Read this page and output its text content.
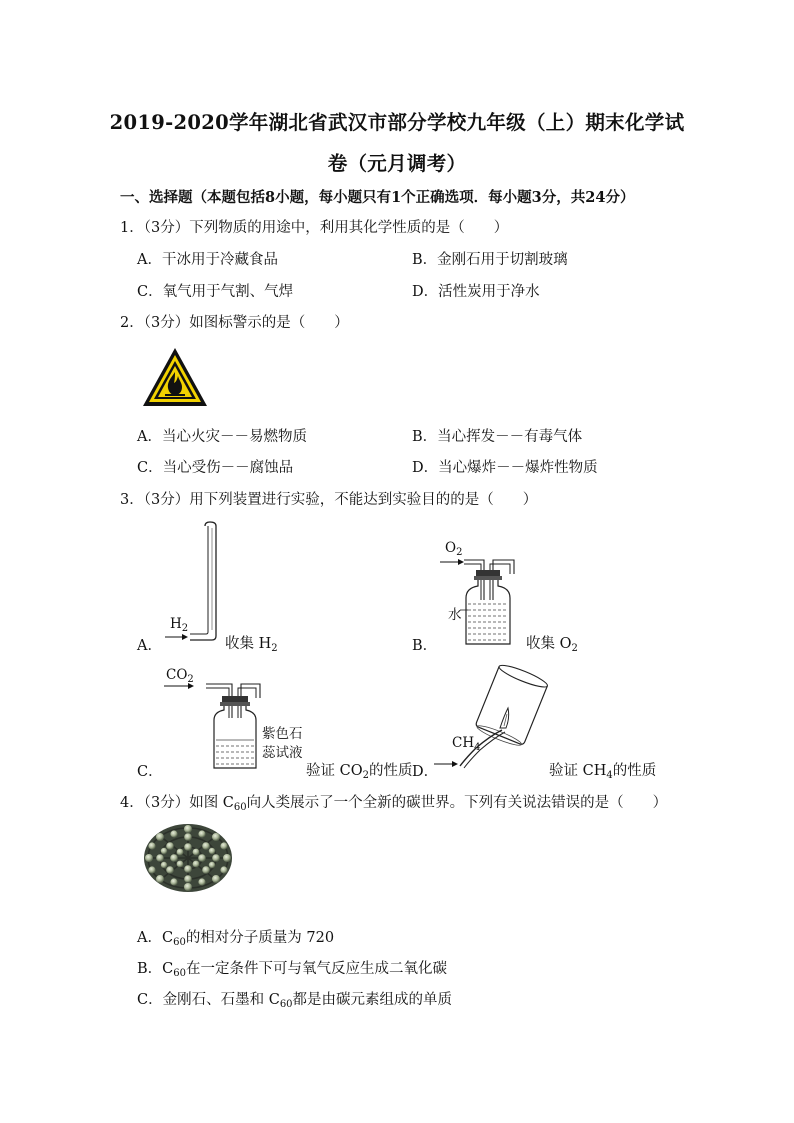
2019-2020学年湖北省武汉市部分学校九年级（上）期末化学试
卷（元月调考）
一、选择题（本题包括8小题，每小题只有1个正确选项．每小题3分，共24分）
1．（3分）下列物质的用途中，利用其化学性质的是（　　）
A．干冰用于冷藏食品	B．金刚石用于切割玻璃
C．氧气用于气割、气焊	D．活性炭用于净水
2．（3分）如图标警示的是（　　）
A．当心火灾－－易燃物质	B．当心挥发－－有毒气体
C．当心受伤－－腐蚀品	D．当心爆炸－－爆炸性物质
3．（3分）用下列装置进行实验，不能达到实验目的的是（　　）
$H_2$
A．	收集 $H_2$
$O_2$
水
B．	收集 $O_2$
$CO_2$
紫色石
蕊试液
C．	验证 $CO_2$的性质
$CH_4$
D．	验证 $CH_4$的性质
4．（3分）如图 $C_{60}$向人类展示了一个全新的碳世界。下列有关说法错误的是（　　）
A．$C_{60}$的相对分子质量为 720
B．$C_{60}$在一定条件下可与氧气反应生成二氧化碳
C．金刚石、石墨和 $C_{60}$都是由碳元素组成的单质
